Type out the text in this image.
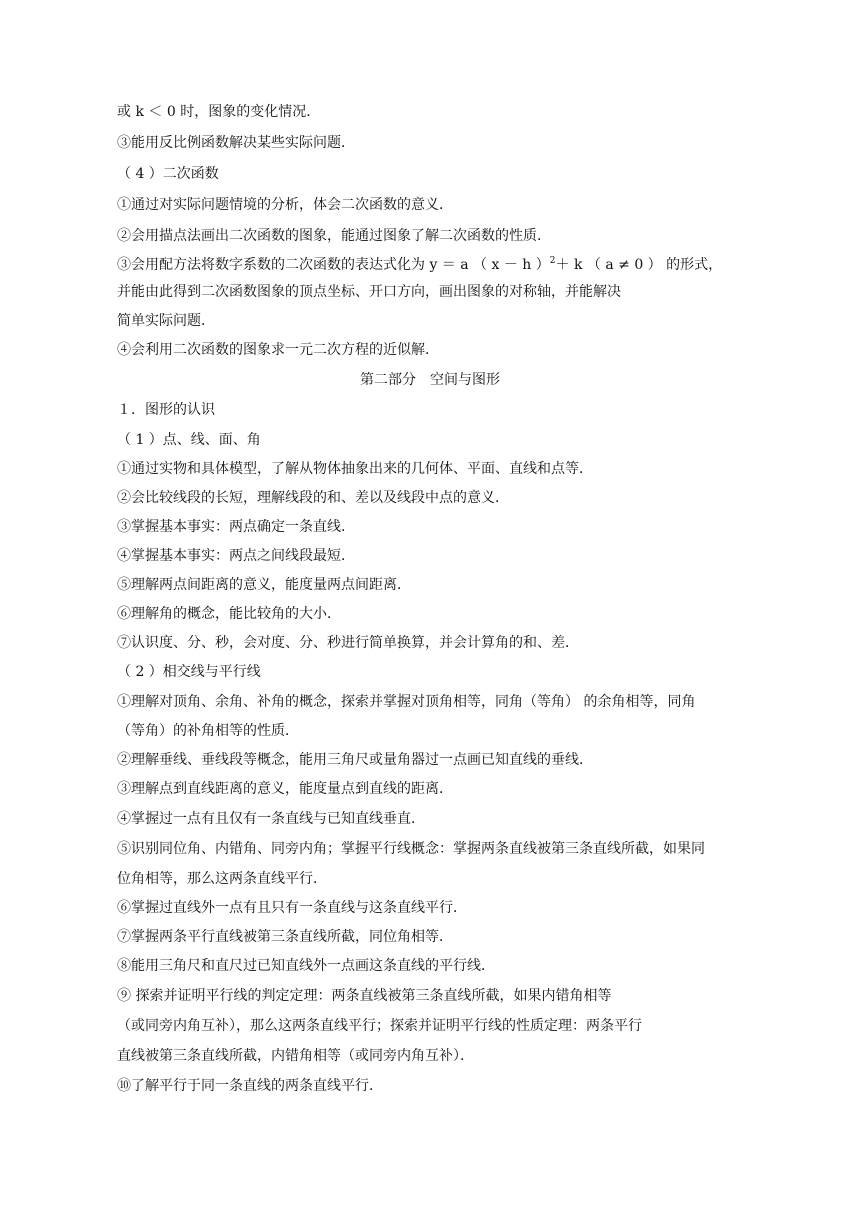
或 k ＜ 0 时，图象的变化情况．
③能用反比例函数解决某些实际问题．
（ 4 ）二次函数
①通过对实际问题情境的分析，体会二次函数的意义．
②会用描点法画出二次函数的图象，能通过图象了解二次函数的性质．
③会用配方法将数字系数的二次函数的表达式化为 y ＝ a （ x － h ）$^2$＋ k （ a ≠ 0 ） 的形式，
并能由此得到二次函数图象的顶点坐标、开口方向，画出图象的对称轴，并能解决
简单实际问题．
④会利用二次函数的图象求一元二次方程的近似解．
第二部分　空间与图形
１．图形的认识
（ 1 ）点、线、面、角
①通过实物和具体模型，了解从物体抽象出来的几何体、平面、直线和点等．
②会比较线段的长短，理解线段的和、差以及线段中点的意义．
③掌握基本事实：两点确定一条直线．
④掌握基本事实：两点之间线段最短．
⑤理解两点间距离的意义，能度量两点间距离．
⑥理解角的概念，能比较角的大小．
⑦认识度、分、秒，会对度、分、秒进行简单换算，并会计算角的和、差．
（ 2 ）相交线与平行线
①理解对顶角、余角、补角的概念，探索并掌握对顶角相等，同角（等角） 的余角相等，同角
（等角）的补角相等的性质．
②理解垂线、垂线段等概念，能用三角尺或量角器过一点画已知直线的垂线．
③理解点到直线距离的意义，能度量点到直线的距离．
④掌握过一点有且仅有一条直线与已知直线垂直．
⑤识别同位角、内错角、同旁内角；掌握平行线概念：掌握两条直线被第三条直线所截，如果同
位角相等，那么这两条直线平行．
⑥掌握过直线外一点有且只有一条直线与这条直线平行．
⑦掌握两条平行直线被第三条直线所截，同位角相等．
⑧能用三角尺和直尺过已知直线外一点画这条直线的平行线．
⑨ 探索并证明平行线的判定定理：两条直线被第三条直线所截，如果内错角相等
（或同旁内角互补），那么这两条直线平行；探索并证明平行线的性质定理：两条平行
直线被第三条直线所截，内错角相等（或同旁内角互补）．
⑩了解平行于同一条直线的两条直线平行．
